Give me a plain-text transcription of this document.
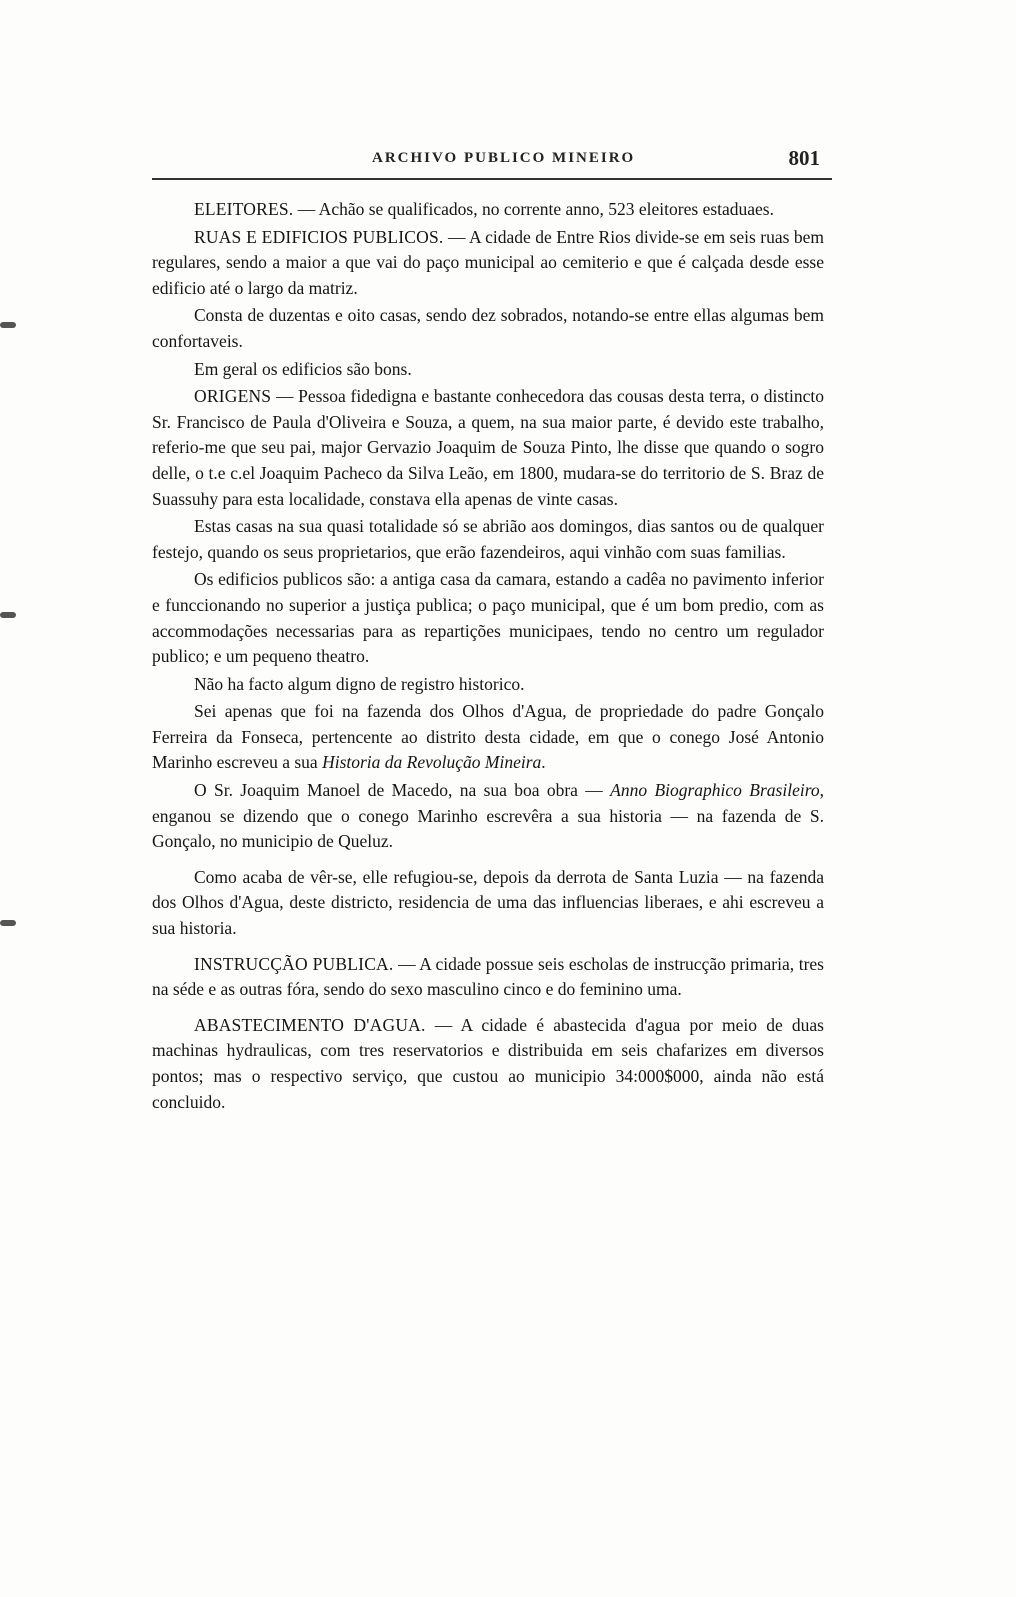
ARCHIVO PUBLICO MINEIRO	801

ELEITORES. — Achão se qualificados, no corrente anno, 523 eleitores estaduaes.

RUAS E EDIFICIOS PUBLICOS. — A cidade de Entre Rios divide-se em seis ruas bem regulares, sendo a maior a que vai do paço municipal ao cemiterio e que é calçada desde esse edificio até o largo da matriz.

Consta de duzentas e oito casas, sendo dez sobrados, notando-se entre ellas algumas bem confortaveis.

Em geral os edificios são bons.

ORIGENS — Pessoa fidedigna e bastante conhecedora das cousas desta terra, o distincto Sr. Francisco de Paula d'Oliveira e Souza, a quem, na sua maior parte, é devido este trabalho, referio-me que seu pai, major Gervazio Joaquim de Souza Pinto, lhe disse que quando o sogro delle, o t.e c.el Joaquim Pacheco da Silva Leão, em 1800, mudara-se do territorio de S. Braz de Suassuhy para esta localidade, constava ella apenas de vinte casas.

Estas casas na sua quasi totalidade só se abrião aos domingos, dias santos ou de qualquer festejo, quando os seus proprietarios, que erão fazendeiros, aqui vinhão com suas familias.

Os edificios publicos são: a antiga casa da camara, estando a cadêa no pavimento inferior e funccionando no superior a justiça publica; o paço municipal, que é um bom predio, com as accommodações necessarias para as repartições municipaes, tendo no centro um regulador publico; e um pequeno theatro.

Não ha facto algum digno de registro historico.

Sei apenas que foi na fazenda dos Olhos d'Agua, de propriedade do padre Gonçalo Ferreira da Fonseca, pertencente ao distrito desta cidade, em que o conego José Antonio Marinho escreveu a sua Historia da Revolução Mineira.

O Sr. Joaquim Manoel de Macedo, na sua boa obra — Anno Biographico Brasileiro, enganou se dizendo que o conego Marinho escrevêra a sua historia — na fazenda de S. Gonçalo, no municipio de Queluz.

Como acaba de vêr-se, elle refugiou-se, depois da derrota de Santa Luzia — na fazenda dos Olhos d'Agua, deste districto, residencia de uma das influencias liberaes, e ahi escreveu a sua historia.

INSTRUCÇÃO PUBLICA. — A cidade possue seis escholas de instrucção primaria, tres na séde e as outras fóra, sendo do sexo masculino cinco e do feminino uma.

ABASTECIMENTO D'AGUA. — A cidade é abastecida d'agua por meio de duas machinas hydraulicas, com tres reservatorios e distribuida em seis chafarizes em diversos pontos; mas o respectivo serviço, que custou ao municipio 34:000$000, ainda não está concluido.
